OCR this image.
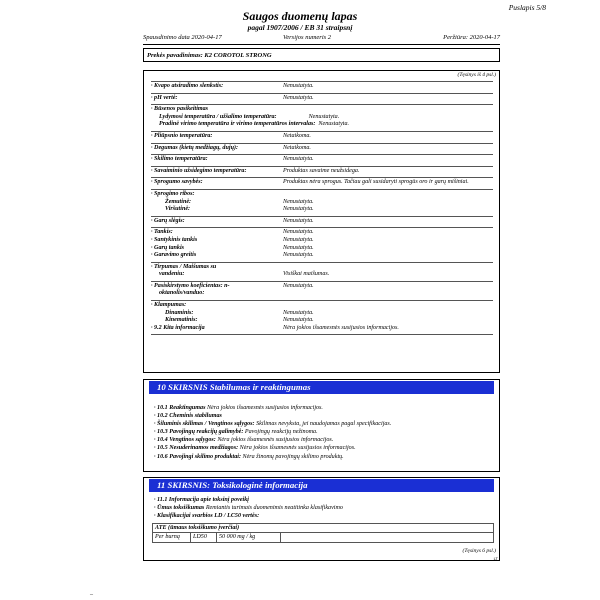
Puslapis 5/8
Saugos duomenų lapas
pagal 1907/2006 / EB 31 straipsnį
Spausdinimo data 2020-04-17	Versijos numeris 2	Peržiūra: 2020-04-17
Prekės pavadinimas: K2 COROTOL STRONG
(Tęsinys iš 4 psl.)
· Kvapo atsiradimo slenkstis:	Nenustatyta.
· pH vertė:	Nenustatyta.
· Būsenos pasikeitimas
Lydymosi temperatūra / užšalimo temperatūra:	Nenustatyta.
Pradinė virimo temperatūra ir virimo temperatūros intervalas: Nenustatyta.
· Pliūpsnio temperatūra:	Netaikoma.
· Degumas (kietų medžiagų, dujų):	Netaikoma.
· Skilimo temperatūra:	Nenustatyta.
· Savaiminio užsidegimo temperatūra:	Produktas savaime neužsidega.
· Sprogumo savybės:	Produktas nėra sprogus. Tačiau gali susidaryti sprogūs oro ir garų mišiniai.
· Sprogimo ribos:
Žemutinė:	Nenustatyta.
Viršutinė:	Nenustatyta.
· Garų slėgis:	Nenustatyta.
· Tankis:	Nenustatyta.
· Santykinis tankis	Nenustatyta.
· Garų tankis	Nenustatyta.
· Garavimo greitis	Nenustatyta.
· Tirpumas / Maišumas su
vandeniu:	Visiškai maišumas.
· Pasiskirstymo koeficientas: n-	Nenustatyta.
oktanolis/vanduo:
· Klampumas:
Dinaminis:	Nenustatyta.
Kinematinis:	Nenustatyta.
· 9.2 Kita informacija	Nėra jokios išsamesnės susijusios informacijos.
10 SKIRSNIS Stabilumas ir reaktingumas
· 10.1 Reaktingumas Nėra jokios išsamesnės susijusios informacijos.
· 10.2 Cheminis stabilumas
· Šiluminis skilimas / Vengtinos sąlygos: Skilimas nevyksta, jei naudojamas pagal specifikacijas.
· 10.3 Pavojingų reakcijų galimybė: Pavojingų reakcijų nežinoma.
· 10.4 Vengtinos sąlygos: Nėra jokios išsamesnės susijusios informacijos.
· 10.5 Nesuderinamos medžiagos: Nėra jokios išsamesnės susijusios informacijos.
· 10.6 Pavojingi skilimo produktai: Nėra žinomų pavojingų skilimo produktų.
11 SKIRSNIS: Toksikologinė informacija
· 11.1 Informacija apie toksinį poveikį
· Ūmus toksiškumas Remiantis turimais duomenimis neatitinka klasifikavimo
· Klasifikacijai svarbios LD / LC50 vertės:
ATE (ūmaus toksiškumo įverčiai)
Per burną	LD50	50 000 mg / kg
(Tęsinys 6 psl.)
LT
–
